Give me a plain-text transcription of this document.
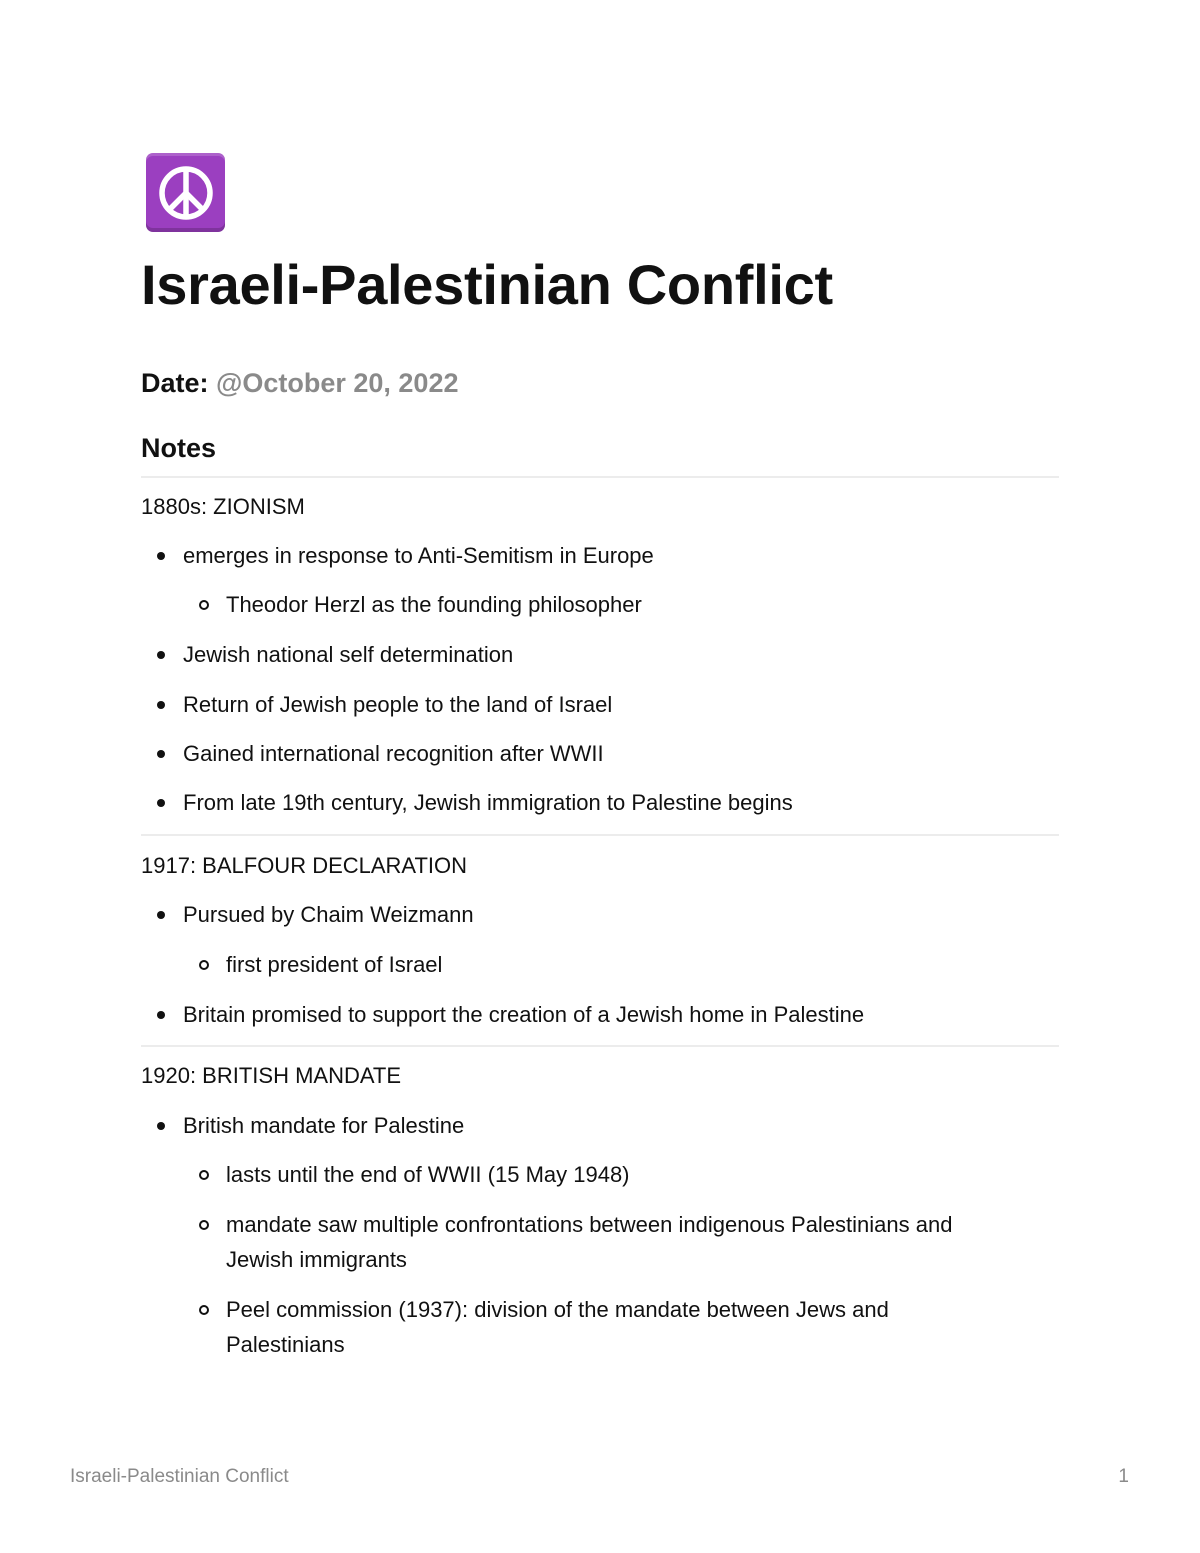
Israeli-Palestinian Conflict
Date: @October 20, 2022
Notes
1880s: ZIONISM
emerges in response to Anti-Semitism in Europe
Theodor Herzl as the founding philosopher
Jewish national self determination
Return of Jewish people to the land of Israel
Gained international recognition after WWII
From late 19th century, Jewish immigration to Palestine begins
1917: BALFOUR DECLARATION
Pursued by Chaim Weizmann
first president of Israel
Britain promised to support the creation of a Jewish home in Palestine
1920: BRITISH MANDATE
British mandate for Palestine
lasts until the end of WWII (15 May 1948)
mandate saw multiple confrontations between indigenous Palestinians and
Jewish immigrants
Peel commission (1937): division of the mandate between Jews and
Palestinians
Israeli-Palestinian Conflict	1
